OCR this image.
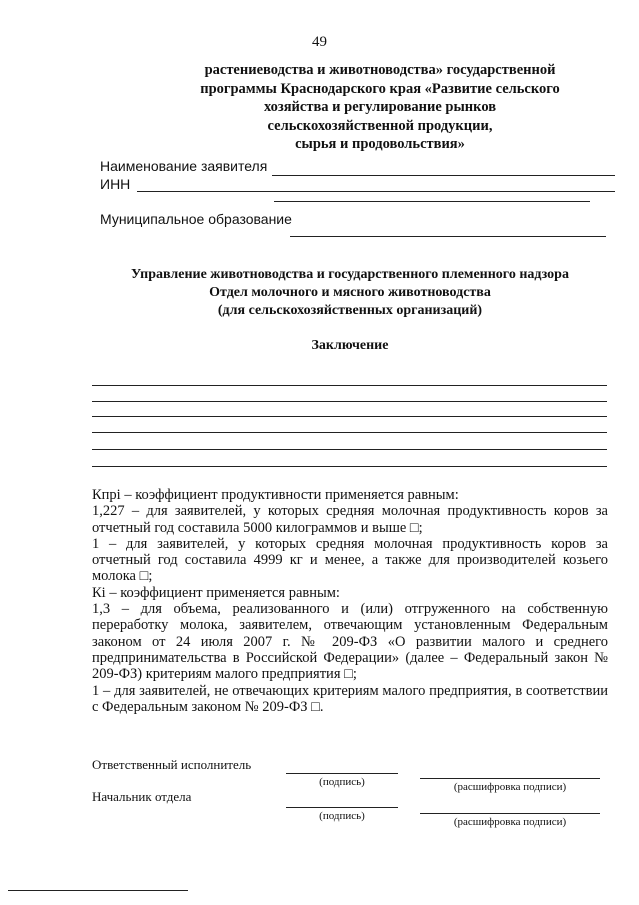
49
растениеводства и животноводства» государственной
программы Краснодарского края «Развитие сельского
хозяйства и регулирование рынков
сельскохозяйственной продукции,
сырья и продовольствия»
Наименование заявителя
ИНН
Муниципальное образование
Управление животноводства и государственного племенного надзора
Отдел молочного и мясного животноводства
(для сельскохозяйственных организаций)
Заключение

Кпрi – коэффициент продуктивности применяется равным:

1,227 – для заявителей, у которых средняя молочная продуктивность коров за отчетный год составила 5000 килограммов и выше □;

1 – для заявителей, у которых средняя молочная продуктивность коров за отчетный год составила 4999 кг и менее, а также для производителей козьего молока □;

Кi – коэффициент применяется равным:

1,3 – для объема, реализованного и (или) отгруженного на собственную переработку молока, заявителем, отвечающим установленным Федеральным законом от 24 июля 2007 г. № 209-ФЗ «О развитии малого и среднего предпринимательства в Российской Федерации» (далее – Федеральный закон № 209-ФЗ) критериям малого предприятия □;

1 – для заявителей, не отвечающих критериям малого предприятия, в соответствии с Федеральным законом № 209-ФЗ □.

Ответственный исполнитель
(подпись)	(расшифровка подписи)
Начальник отдела
(подпись)	(расшифровка подписи)
